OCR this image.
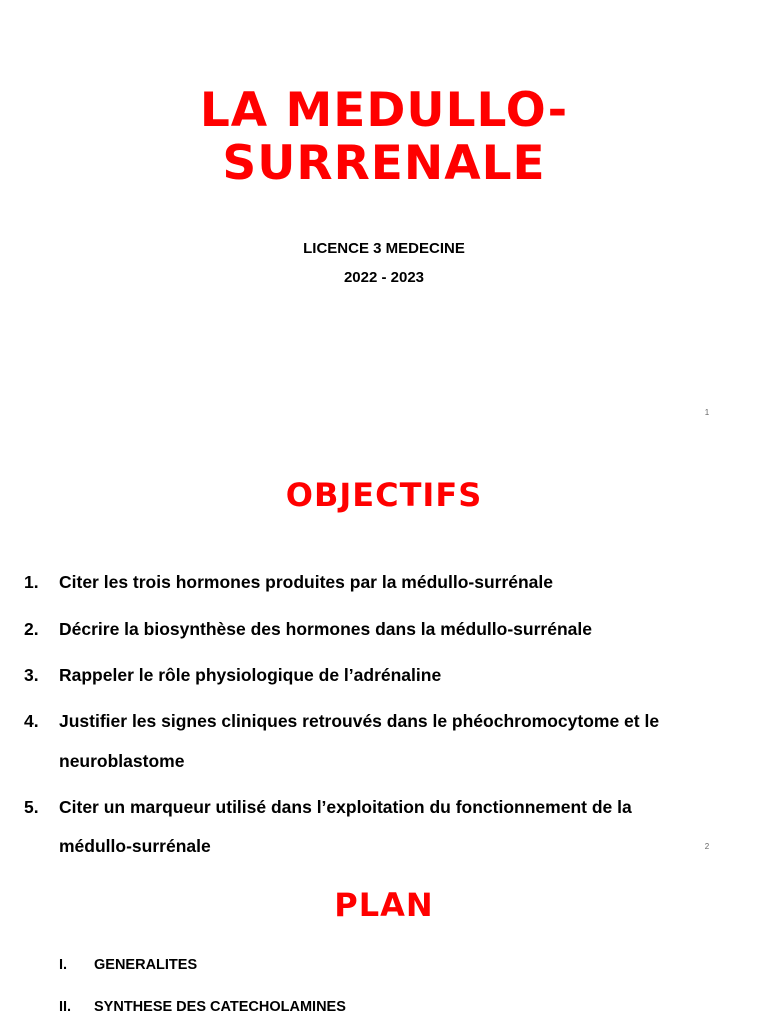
LA MEDULLO-
SURRENALE
LICENCE 3 MEDECINE
2022 - 2023
1
OBJECTIFS
1.	Citer les trois hormones produites par la médullo-surrénale
2.	Décrire la biosynthèse des hormones dans la médullo-surrénale
3.	Rappeler le rôle physiologique de l’adrénaline
4.	Justifier les signes cliniques retrouvés dans le phéochromocytome et le
neuroblastome
5.	Citer un marqueur utilisé dans l’exploitation du fonctionnement de la
médullo-surrénale	2
PLAN
I.	GENERALITES
II.	SYNTHESE DES CATECHOLAMINES
